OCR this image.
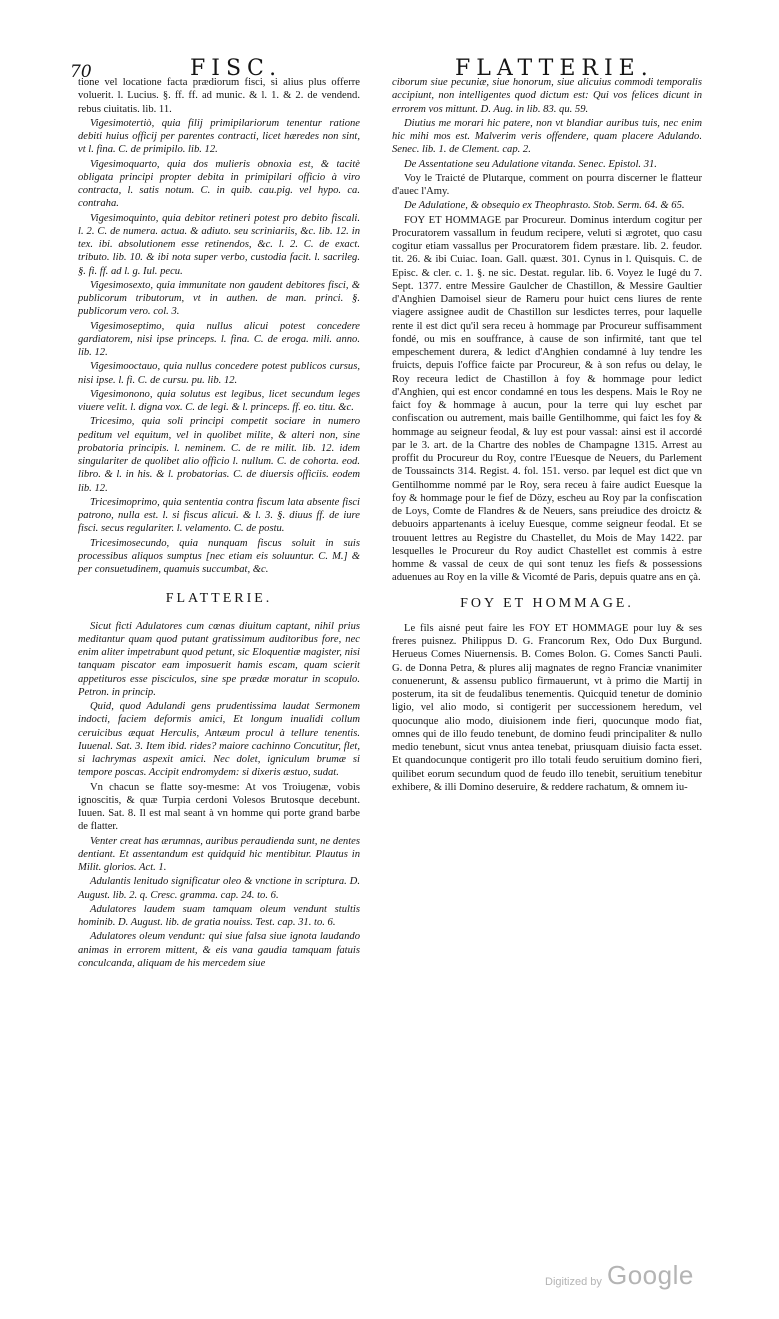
70	FISC.	FLATTERIE.

tione vel locatione facta prædiorum fisci, si alius plus offerre voluerit. l. Lucius. §. ff. ff. ad munic. & l. 1. & 2. de vendend. rebus ciuitatis. lib. 11.

Vigesimotertiò, quia filij primipilariorum tenentur ratione debiti huius officij per parentes contracti, licet hæredes non sint, vt l. fina. C. de primipilo. lib. 12.

Vigesimoquarto, quia dos mulieris obnoxia est, & tacitè obligata principi propter debita in primipilari officio à viro contracta, l. satis notum. C. in quib. cau.pig. vel hypo. ca. contraha.

Vigesimoquinto, quia debitor retineri potest pro debito fiscali. l. 2. C. de numera. actua. & adiuto. seu scriniariis, &c. lib. 12. in tex. ibi. absolutionem esse retinendos, &c. l. 2. C. de exact. tributo. lib. 10. & ibi nota super verbo, custodia facit. l. sacrileg. §. fi. ff. ad l. g. Iul. pecu.

Vigesimosexto, quia immunitate non gaudent debitores fisci, & publicorum tributorum, vt in authen. de man. princi. §. publicorum vero. col. 3.

Vigesimoseptimo, quia nullus alicui potest concedere gardiatorem, nisi ipse princeps. l. fina. C. de eroga. mili. anno. lib. 12.

Vigesimooctauo, quia nullus concedere potest publicos cursus, nisi ipse. l. fi. C. de cursu. pu. lib. 12.

Vigesimonono, quia solutus est legibus, licet secundum leges viuere velit. l. digna vox. C. de legi. & l. princeps. ff. eo. titu. &c.

Tricesimo, quia soli principi competit sociare in numero peditum vel equitum, vel in quolibet milite, & alteri non, sine probatoria principis. l. neminem. C. de re milit. lib. 12. idem singulariter de quolibet alio officio l. nullum. C. de cohorta. eod. libro. & l. in his. & l. probatorias. C. de diuersis officiis. eodem lib. 12.

Tricesimoprimo, quia sententia contra fiscum lata absente fisci patrono, nulla est. l. si fiscus alicui. & l. 3. §. diuus ff. de iure fisci. secus regulariter. l. velamento. C. de postu.

Tricesimosecundo, quia nunquam fiscus soluit in suis processibus aliquos sumptus [nec etiam eis soluuntur. C. M.] & per consuetudinem, quamuis succumbat, &c.

FLATTERIE.

Sicut ficti Adulatores cum cœnas diuitum captant, nihil prius meditantur quam quod putant gratissimum auditoribus fore, nec enim aliter impetrabunt quod petunt, sic Eloquentiæ magister, nisi tanquam piscator eam imposuerit hamis escam, quam scierit appetituros esse pisciculos, sine spe prædæ moratur in scopulo. Petron. in princip.

Quid, quod Adulandi gens prudentissima laudat Sermonem indocti, faciem deformis amici, Et longum inualidi collum ceruicibus æquat Herculis, Antæum procul à tellure tenentis. Iuuenal. Sat. 3. Item ibid. rides? maiore cachinno Concutitur, flet, si lachrymas aspexit amici. Nec dolet, igniculum brumæ si tempore poscas. Accipit endromydem: si dixeris æstuo, sudat.

Vn chacun se flatte soy-mesme: At vos Troiugenæ, vobis ignoscitis, & quæ Turpia cerdoni Volesos Brutosque decebunt. Iuuen. Sat. 8. Il est mal seant à vn homme qui porte grand barbe de flatter.

Venter creat has ærumnas, auribus peraudienda sunt, ne dentes dentiant. Et assentandum est quidquid hic mentibitur. Plautus in Milit. glorios. Act. 1.

Adulantis lenitudo significatur oleo & vnctione in scriptura. D. August. lib. 2. q. Cresc. gramma. cap. 24. to. 6.

Adulatores laudem suam tamquam oleum vendunt stultis hominib. D. August. lib. de gratia nouiss. Test. cap. 31. to. 6.

Adulatores oleum vendunt: qui siue falsa siue ignota laudando animas in errorem mittent, & eis vana gaudia tamquam fatuis conculcanda, aliquam de his mercedem siue

ciborum siue pecuniæ, siue honorum, siue alicuius commodi temporalis accipiunt, non intelligentes quod dictum est: Qui vos felices dicunt in errorem vos mittunt. D. Aug. in lib. 83. qu. 59.

Diutius me morari hic patere, non vt blandiar auribus tuis, nec enim hic mihi mos est. Malverim veris offendere, quam placere Adulando. Senec. lib. 1. de Clement. cap. 2.

De Assentatione seu Adulatione vitanda. Senec. Epistol. 31.

Voy le Traicté de Plutarque, comment on pourra discerner le flatteur d'auec l'Amy.

De Adulatione, & obsequio ex Theophrasto. Stob. Serm. 64. & 65.

FOY ET HOMMAGE par Procureur. Dominus interdum cogitur per Procuratorem vassallum in feudum recipere, veluti si ægrotet, quo casu cogitur etiam vassallus per Procuratorem fidem præstare. lib. 2. feudor. tit. 26. & ibi Cuiac. Ioan. Gall. quæst. 301. Cynus in l. Quisquis. C. de Episc. & cler. c. 1. §. ne sic. Destat. regular. lib. 6. Voyez le Iugé du 7. Sept. 1377. entre Messire Gaulcher de Chastillon, & Messire Gaultier d'Anghien Damoisel sieur de Rameru pour huict cens liures de rente viagere assignee audit de Chastillon sur lesdictes terres, pour laquelle rente il est dict qu'il sera receu à hommage par Procureur suffisamment fondé, ou mis en souffrance, à cause de son infirmité, tant que tel empeschement durera, & ledict d'Anghien condamné à luy tendre les fruicts, depuis l'office faicte par Procureur, & à son refus ou delay, le Roy receura ledict de Chastillon à foy & hommage pour ledict d'Anghien, qui est encor condamné en tous les despens. Mais le Roy ne faict foy & hommage à aucun, pour la terre qui luy eschet par confiscation ou autrement, mais baille Gentilhomme, qui faict les foy & hommage au seigneur feodal, & luy est pour vassal: ainsi est il accordé par le 3. art. de la Chartre des nobles de Champagne 1315. Arrest au proffit du Procureur du Roy, contre l'Euesque de Neuers, du Parlement de Toussaincts 314. Regist. 4. fol. 151. verso. par lequel est dict que vn Gentilhomme nommé par le Roy, sera receu à faire audict Euesque la foy & hommage pour le fief de Dözy, escheu au Roy par la confiscation de Loys, Comte de Flandres & de Neuers, sans preiudice des droictz & debuoirs appartenants à iceluy Euesque, comme seigneur feodal. Et se trouuent lettres au Registre du Chastellet, du Mois de May 1422. par lesquelles le Procureur du Roy audict Chastellet est commis à estre homme & vassal de ceux de qui sont tenuz les fiefs & possessions aduenues au Roy en la ville & Vicomté de Paris, depuis quatre ans en çà.

FOY ET HOMMAGE.

Le fils aisné peut faire les FOY ET HOMMAGE pour luy & ses freres puisnez. Philippus D. G. Francorum Rex, Odo Dux Burgund. Herueus Comes Niuernensis. B. Comes Bolon. G. Comes Sancti Pauli. G. de Donna Petra, & plures alij magnates de regno Franciæ vnanimiter conuenerunt, & assensu publico firmauerunt, vt à primo die Martij in posterum, ita sit de feudalibus tenementis. Quicquid tenetur de dominio ligio, vel alio modo, si contigerit per successionem heredum, vel quocunque alio modo, diuisionem inde fieri, quocunque modo fiat, omnes qui de illo feudo tenebunt, de domino feudi principaliter & nullo medio tenebunt, sicut vnus antea tenebat, priusquam diuisio facta esset. Et quandocunque contigerit pro illo totali feudo seruitium domino fieri, quilibet eorum secundum quod de feudo illo tenebit, seruitium tenebitur exhibere, & illi Domino deseruire, & reddere rachatum, & omnem iu-

Digitized by Google
